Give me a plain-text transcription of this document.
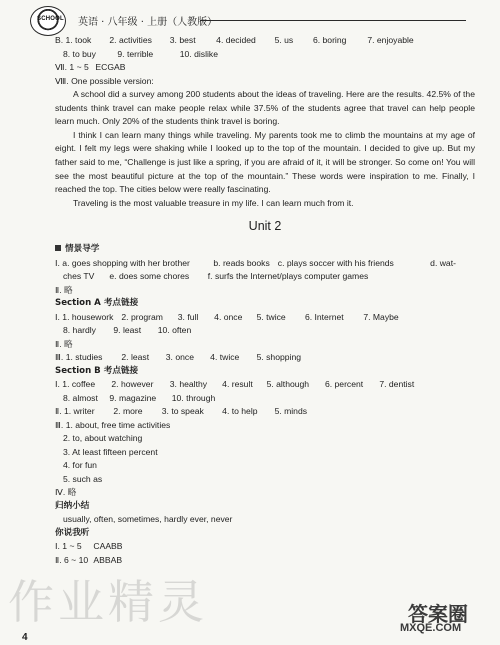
SCHOOL 英语 · 八年级 · 上册（人教版）
B. 1. took 2. activities 3. best 4. decided 5. us 6. boring 7. enjoyable
8. to buy 9. terrible	10. dislike
Ⅶ. 1 ~ 5 ECGAB
Ⅷ. One possible version:
A school did a survey among 200 students about the ideas of traveling. Here are the results. 42.5% of the students think travel can make people relax while 37.5% of the students agree that travel can help people learn much. Only 20% of the students think travel is boring.
I think I can learn many things while traveling. My parents took me to climb the mountains at my age of eight. I felt my legs were shaking while I looked up to the top of the mountain. I decided to give up. But my father said to me, “Challenge is just like a spring, if you are afraid of it, it will be stronger. So come on! You will see the most beautiful picture at the top of the mountain.” These words were inspiration to me. Finally, I reached the top. The cities below were really fascinating.
Traveling is the most valuable treasure in my life. I can learn much from it.
Unit 2
情景导学
Ⅰ. a. goes shopping with her brother	b. reads books c. plays soccer with his friends	d. wat-
ches TV e. does some chores f. surfs the Internet/plays computer games
Ⅱ. 略
Section A 考点链接
Ⅰ. 1. housework 2. program 3. full 4. once 5. twice 6. Internet 7. Maybe
8. hardly 9. least 10. often
Ⅱ. 略
Ⅲ. 1. studies 2. least 3. once 4. twice 5. shopping
Section B 考点链接
Ⅰ. 1. coffee 2. however 3. healthy 4. result 5. although 6. percent 7. dentist
8. almost 9. magazine 10. through
Ⅱ. 1. writer 2. more 3. to speak 4. to help 5. minds
Ⅲ. 1. about, free time activities
2. to, about watching
3. At least fifteen percent
4. for fun
5. such as
Ⅳ. 略
归纳小结
usually, often, sometimes, hardly ever, never
你说我听
Ⅰ. 1 ~ 5 CAABB
Ⅱ. 6 ~ 10 ABBAB
作业精灵	答案圈
MXQE.COM
4
